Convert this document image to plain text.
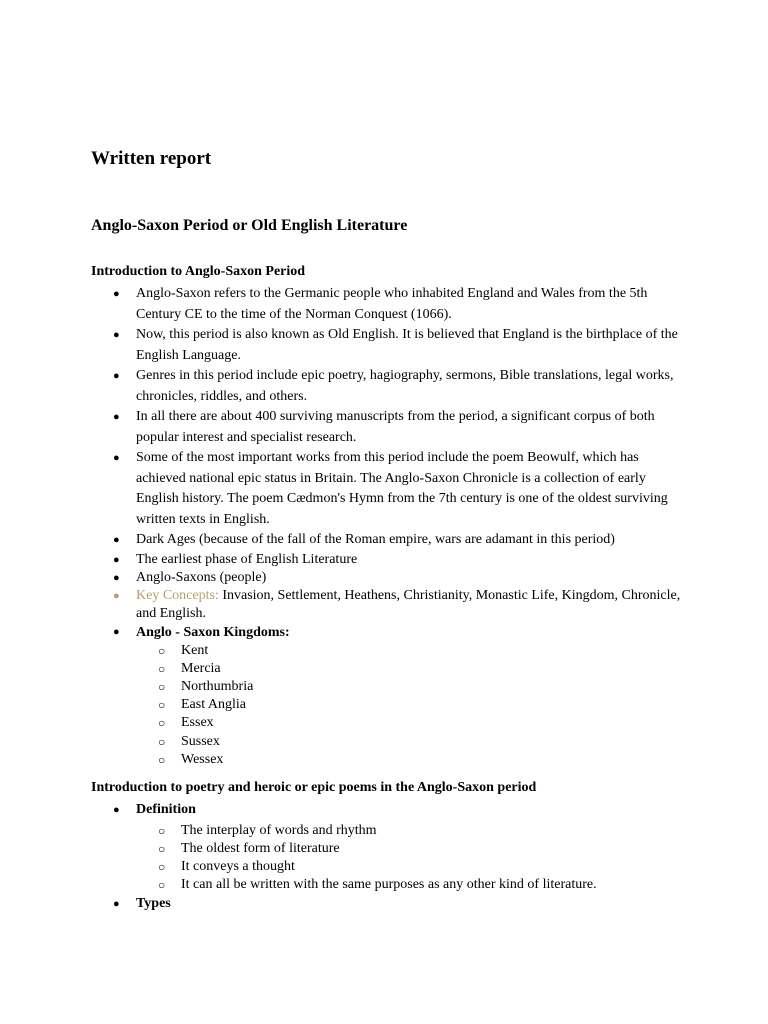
Written report
Anglo-Saxon Period or Old English Literature
Introduction to Anglo-Saxon Period
● Anglo-Saxon refers to the Germanic people who inhabited England and Wales from the 5th Century CE to the time of the Norman Conquest (1066).
● Now, this period is also known as Old English. It is believed that England is the birthplace of the English Language.
● Genres in this period include epic poetry, hagiography, sermons, Bible translations, legal works, chronicles, riddles, and others.
● In all there are about 400 surviving manuscripts from the period, a significant corpus of both popular interest and specialist research.
● Some of the most important works from this period include the poem Beowulf, which has achieved national epic status in Britain. The Anglo-Saxon Chronicle is a collection of early English history. The poem Cædmon's Hymn from the 7th century is one of the oldest surviving written texts in English.
● Dark Ages (because of the fall of the Roman empire, wars are adamant in this period)
● The earliest phase of English Literature
● Anglo-Saxons (people)
● Key Concepts: Invasion, Settlement, Heathens, Christianity, Monastic Life, Kingdom, Chronicle, and English.
● Anglo - Saxon Kingdoms:
○ Kent
○ Mercia
○ Northumbria
○ East Anglia
○ Essex
○ Sussex
○ Wessex
Introduction to poetry and heroic or epic poems in the Anglo-Saxon period
● Definition
○ The interplay of words and rhythm
○ The oldest form of literature
○ It conveys a thought
○ It can all be written with the same purposes as any other kind of literature.
● Types
